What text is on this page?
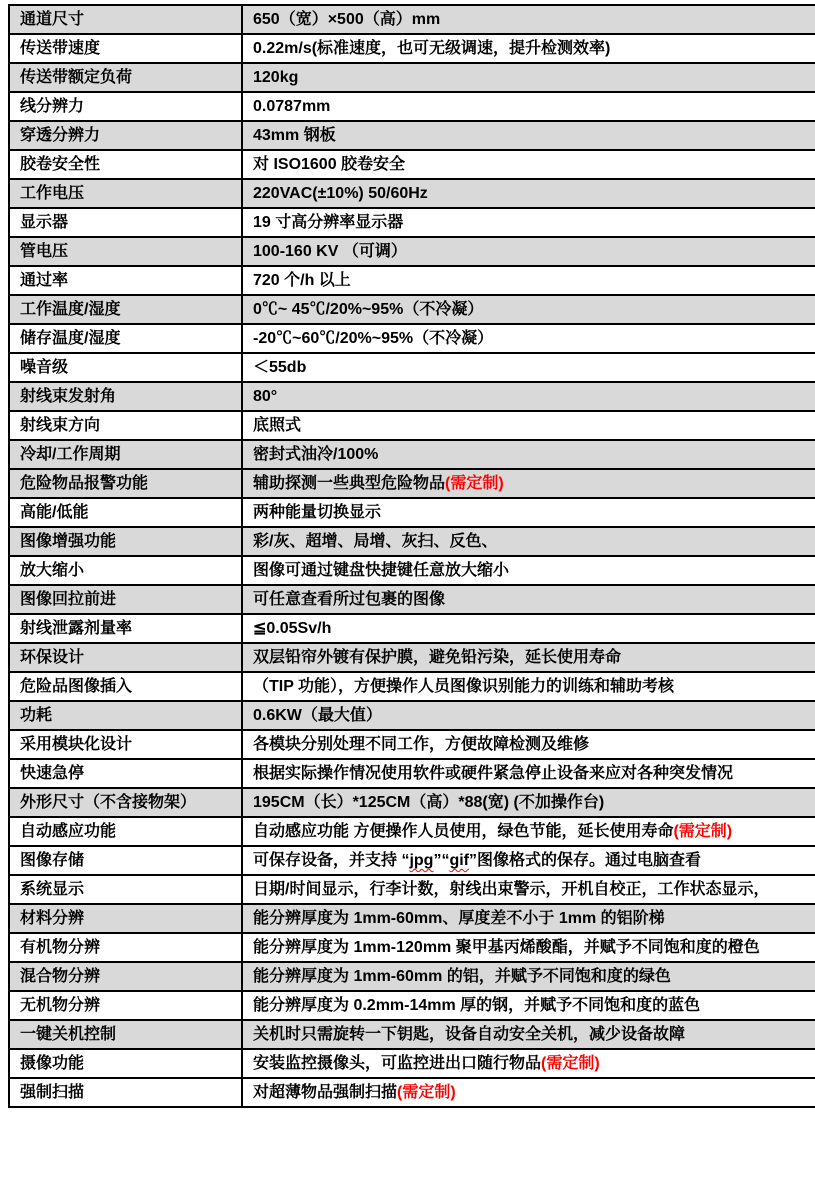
通道尺寸	650（宽）×500（高）mm
传送带速度	0.22m/s(标准速度，也可无级调速，提升检测效率)
传送带额定负荷	120kg
线分辨力	0.0787mm
穿透分辨力	43mm 钢板
胶卷安全性	对 ISO1600 胶卷安全
工作电压	220VAC(±10%) 50/60Hz
显示器	19 寸高分辨率显示器
管电压	100-160 KV （可调）
通过率	720 个/h 以上
工作温度/湿度	0℃~ 45℃/20%~95%（不冷凝）
储存温度/湿度	-20℃~60℃/20%~95%（不冷凝）
噪音级	＜55db
射线束发射角	80°
射线束方向	底照式
冷却/工作周期	密封式油冷/100%
危险物品报警功能	辅助探测一些典型危险物品(需定制)
高能/低能	两种能量切换显示
图像增强功能	彩/灰、超增、局增、灰扫、反色、
放大缩小	图像可通过键盘快捷键任意放大缩小
图像回拉前进	可任意查看所过包裹的图像
射线泄露剂量率	≦0.05Sv/h
环保设计	双层铅帘外镀有保护膜，避免铅污染，延长使用寿命
危险品图像插入	（TIP 功能），方便操作人员图像识别能力的训练和辅助考核
功耗	0.6KW（最大值）
采用模块化设计	各模块分别处理不同工作，方便故障检测及维修
快速急停	根据实际操作情况使用软件或硬件紧急停止设备来应对各种突发情况
外形尺寸（不含接物架）	195CM（长）*125CM（高）*88(宽) (不加操作台)
自动感应功能	自动感应功能 方便操作人员使用，绿色节能，延长使用寿命(需定制)
图像存储	可保存设备，并支持 “jpg”“gif”图像格式的保存。通过电脑查看
系统显示	日期/时间显示，行李计数，射线出束警示，开机自校正，工作状态显示，
材料分辨	能分辨厚度为 1mm-60mm、厚度差不小于 1mm 的铝阶梯
有机物分辨	能分辨厚度为 1mm-120mm 聚甲基丙烯酸酯，并赋予不同饱和度的橙色
混合物分辨	能分辨厚度为 1mm-60mm 的铝，并赋予不同饱和度的绿色
无机物分辨	能分辨厚度为 0.2mm-14mm 厚的钢，并赋予不同饱和度的蓝色
一键关机控制	关机时只需旋转一下钥匙，设备自动安全关机，减少设备故障
摄像功能	安装监控摄像头，可监控进出口随行物品(需定制)
强制扫描	对超薄物品强制扫描(需定制)
